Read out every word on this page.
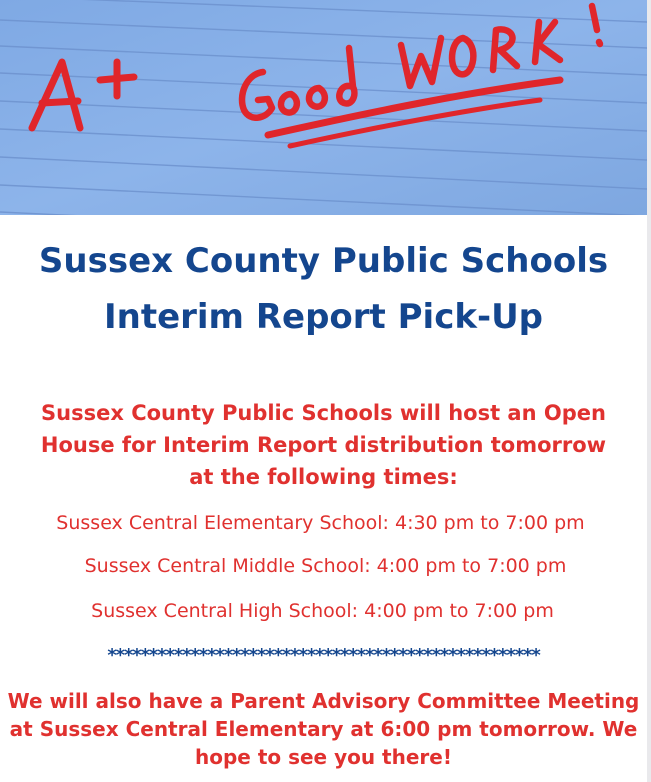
Sussex County Public Schools
Interim Report Pick-Up
Sussex County Public Schools will host an Open
House for Interim Report distribution tomorrow
at the following times:
Sussex Central Elementary School: 4:30 pm to 7:00 pm
Sussex Central Middle School: 4:00 pm to 7:00 pm
Sussex Central High School: 4:00 pm to 7:00 pm
****************************************************
We will also have a Parent Advisory Committee Meeting
at Sussex Central Elementary at 6:00 pm tomorrow. We
hope to see you there!
